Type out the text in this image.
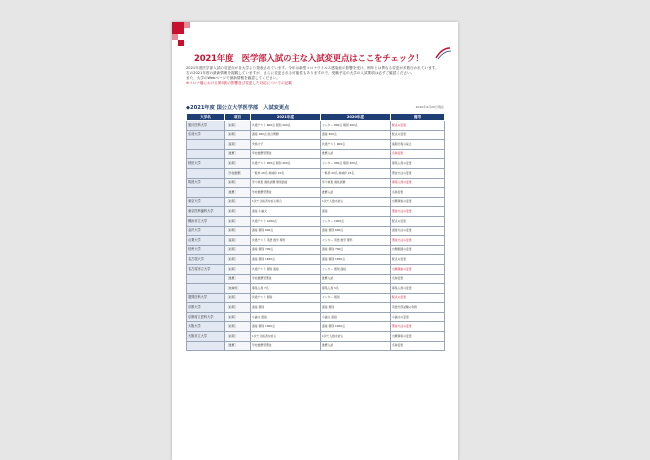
2021年度　医学部入試の主な入試変更点はここをチェック！
2021年度医学部入試の変更点が各大学より発表されています。今年は新型コロナウイルス感染症の影響を受け、例年とは異なる変更が多数行われています。
右の2021年度の最新情報を掲載していますが、さらに変更される可能性もありますので、受験予定の大学の入試要項は必ずご確認ください。
また、大学のWebページで最新情報を確認してください。
※コロナ禍における第3波の影響及び変更した対応についての記載
◆2021年度 国公立大学医学部　入試変更点	2020年9月20日現在
大学名	項目	2021年度	2020年度	備考
旭川医科大学	［前期］	共通テスト 800点 個別 200点	センター 800点 個別 200点	配点の変更
弘前大学	［前期］	面接 180点 総合問題	面接 200点	配点の変更
	［後期］	実施せず	共通テスト 900点	後期日程の廃止
	［推薦］	学校推薦型選抜	推薦入試	名称変更
秋田大学	［前期］	共通テスト 900点 個別 400点	センター 900点 個別 400点	募集人員の変更
	［学校推薦］	一般枠 20名 地域枠 20名	一般枠 20名 地域枠 25名	選抜方法の変更
筑波大学	［前期］	学力検査 適性試験 個別面接	学力検査 適性試験	募集人員の変更
	［推薦］	学校推薦型選抜	推薦入試	名称変更
東京大学	［前期］	1次で合格者を絞る場合	1次で人数を絞る	出願資格の変更
東京医科歯科大学	［前期］	面接 小論文	面接	選抜方法の変更
横浜市立大学	［前期］	共通テスト 1000点	センター 1000点	配点の変更
金沢大学	［前期］	面接 個別 600点	面接 個別 600点	面接方法の変更
山梨大学	［後期］	共通テスト 英語 数学 理科	センター 英語 数学 理科	選抜方法の変更
信州大学	［前期］	面接 個別 700点	面接 個別 700点	出題範囲の変更
名古屋大学	［前期］	面接 個別 1650点	面接 個別 1650点	配点の変更
名古屋市立大学	［前期］	共通テスト 個別 面接	センター 個別 面接	出願資格の変更
	［推薦］	学校推薦型選抜	推薦入試	名称変更
	［地域枠］	募集人員 7名	募集人員 5名	募集人員の変更
滋賀医科大学	［前期］	共通テスト 個別	センター 個別	配点の変更
京都大学	［前期］	面接 個別	面接 個別	英語外部試験の利用
京都府立医科大学	［前期］	小論文 面接	小論文 面接	小論文の変更
大阪大学	［前期］	面接 個別 1000点	面接 個別 1000点	選抜方法の変更
大阪市立大学	［前期］	1次で合格者を絞る	1次で人数を絞る	出願資格の変更
	［推薦］	学校推薦型選抜	推薦入試	名称変更
